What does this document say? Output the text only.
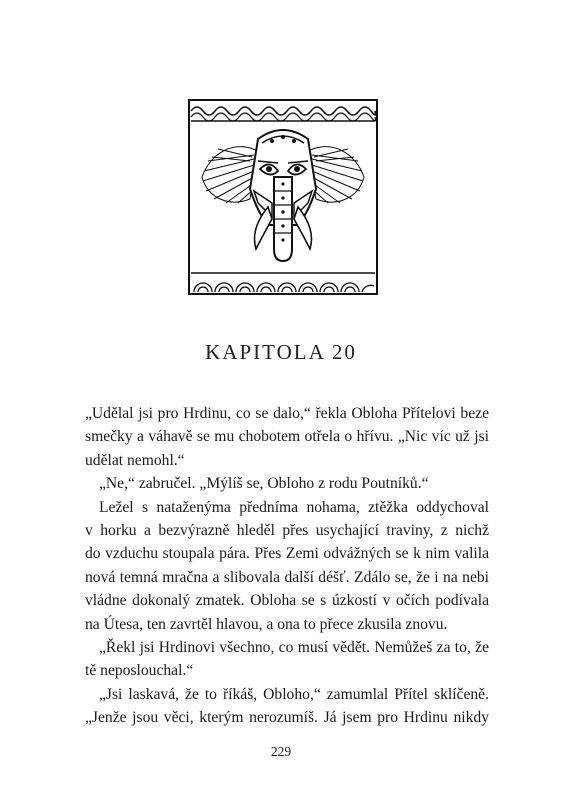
KAPITOLA 20
„Udělal jsi pro Hrdinu, co se dalo,“ řekla Obloha Přítelovi beze
smečky a váhavě se mu chobotem otřela o hřívu. „Nic víc už jsi
udělat nemohl.“
„Ne,“ zabručel. „Mýlíš se, Obloho z rodu Poutníků.“
Ležel s nataženýma předníma nohama, ztěžka oddychoval
v horku a bezvýrazně hleděl přes usychající traviny, z nichž
do vzduchu stoupala pára. Přes Zemi odvážných se k nim valila
nová temná mračna a slibovala další déšť. Zdálo se, že i na nebi
vládne dokonalý zmatek. Obloha se s úzkostí v očích podívala
na Útesa, ten zavrtěl hlavou, a ona to přece zkusila znovu.
„Řekl jsi Hrdinovi všechno, co musí vědět. Nemůžeš za to, že
tě neposlouchal.“
„Jsi laskavá, že to říkáš, Obloho,“ zamumlal Přítel sklíčeně.
„Jenže jsou věci, kterým nerozumíš. Já jsem pro Hrdinu nikdy
229
